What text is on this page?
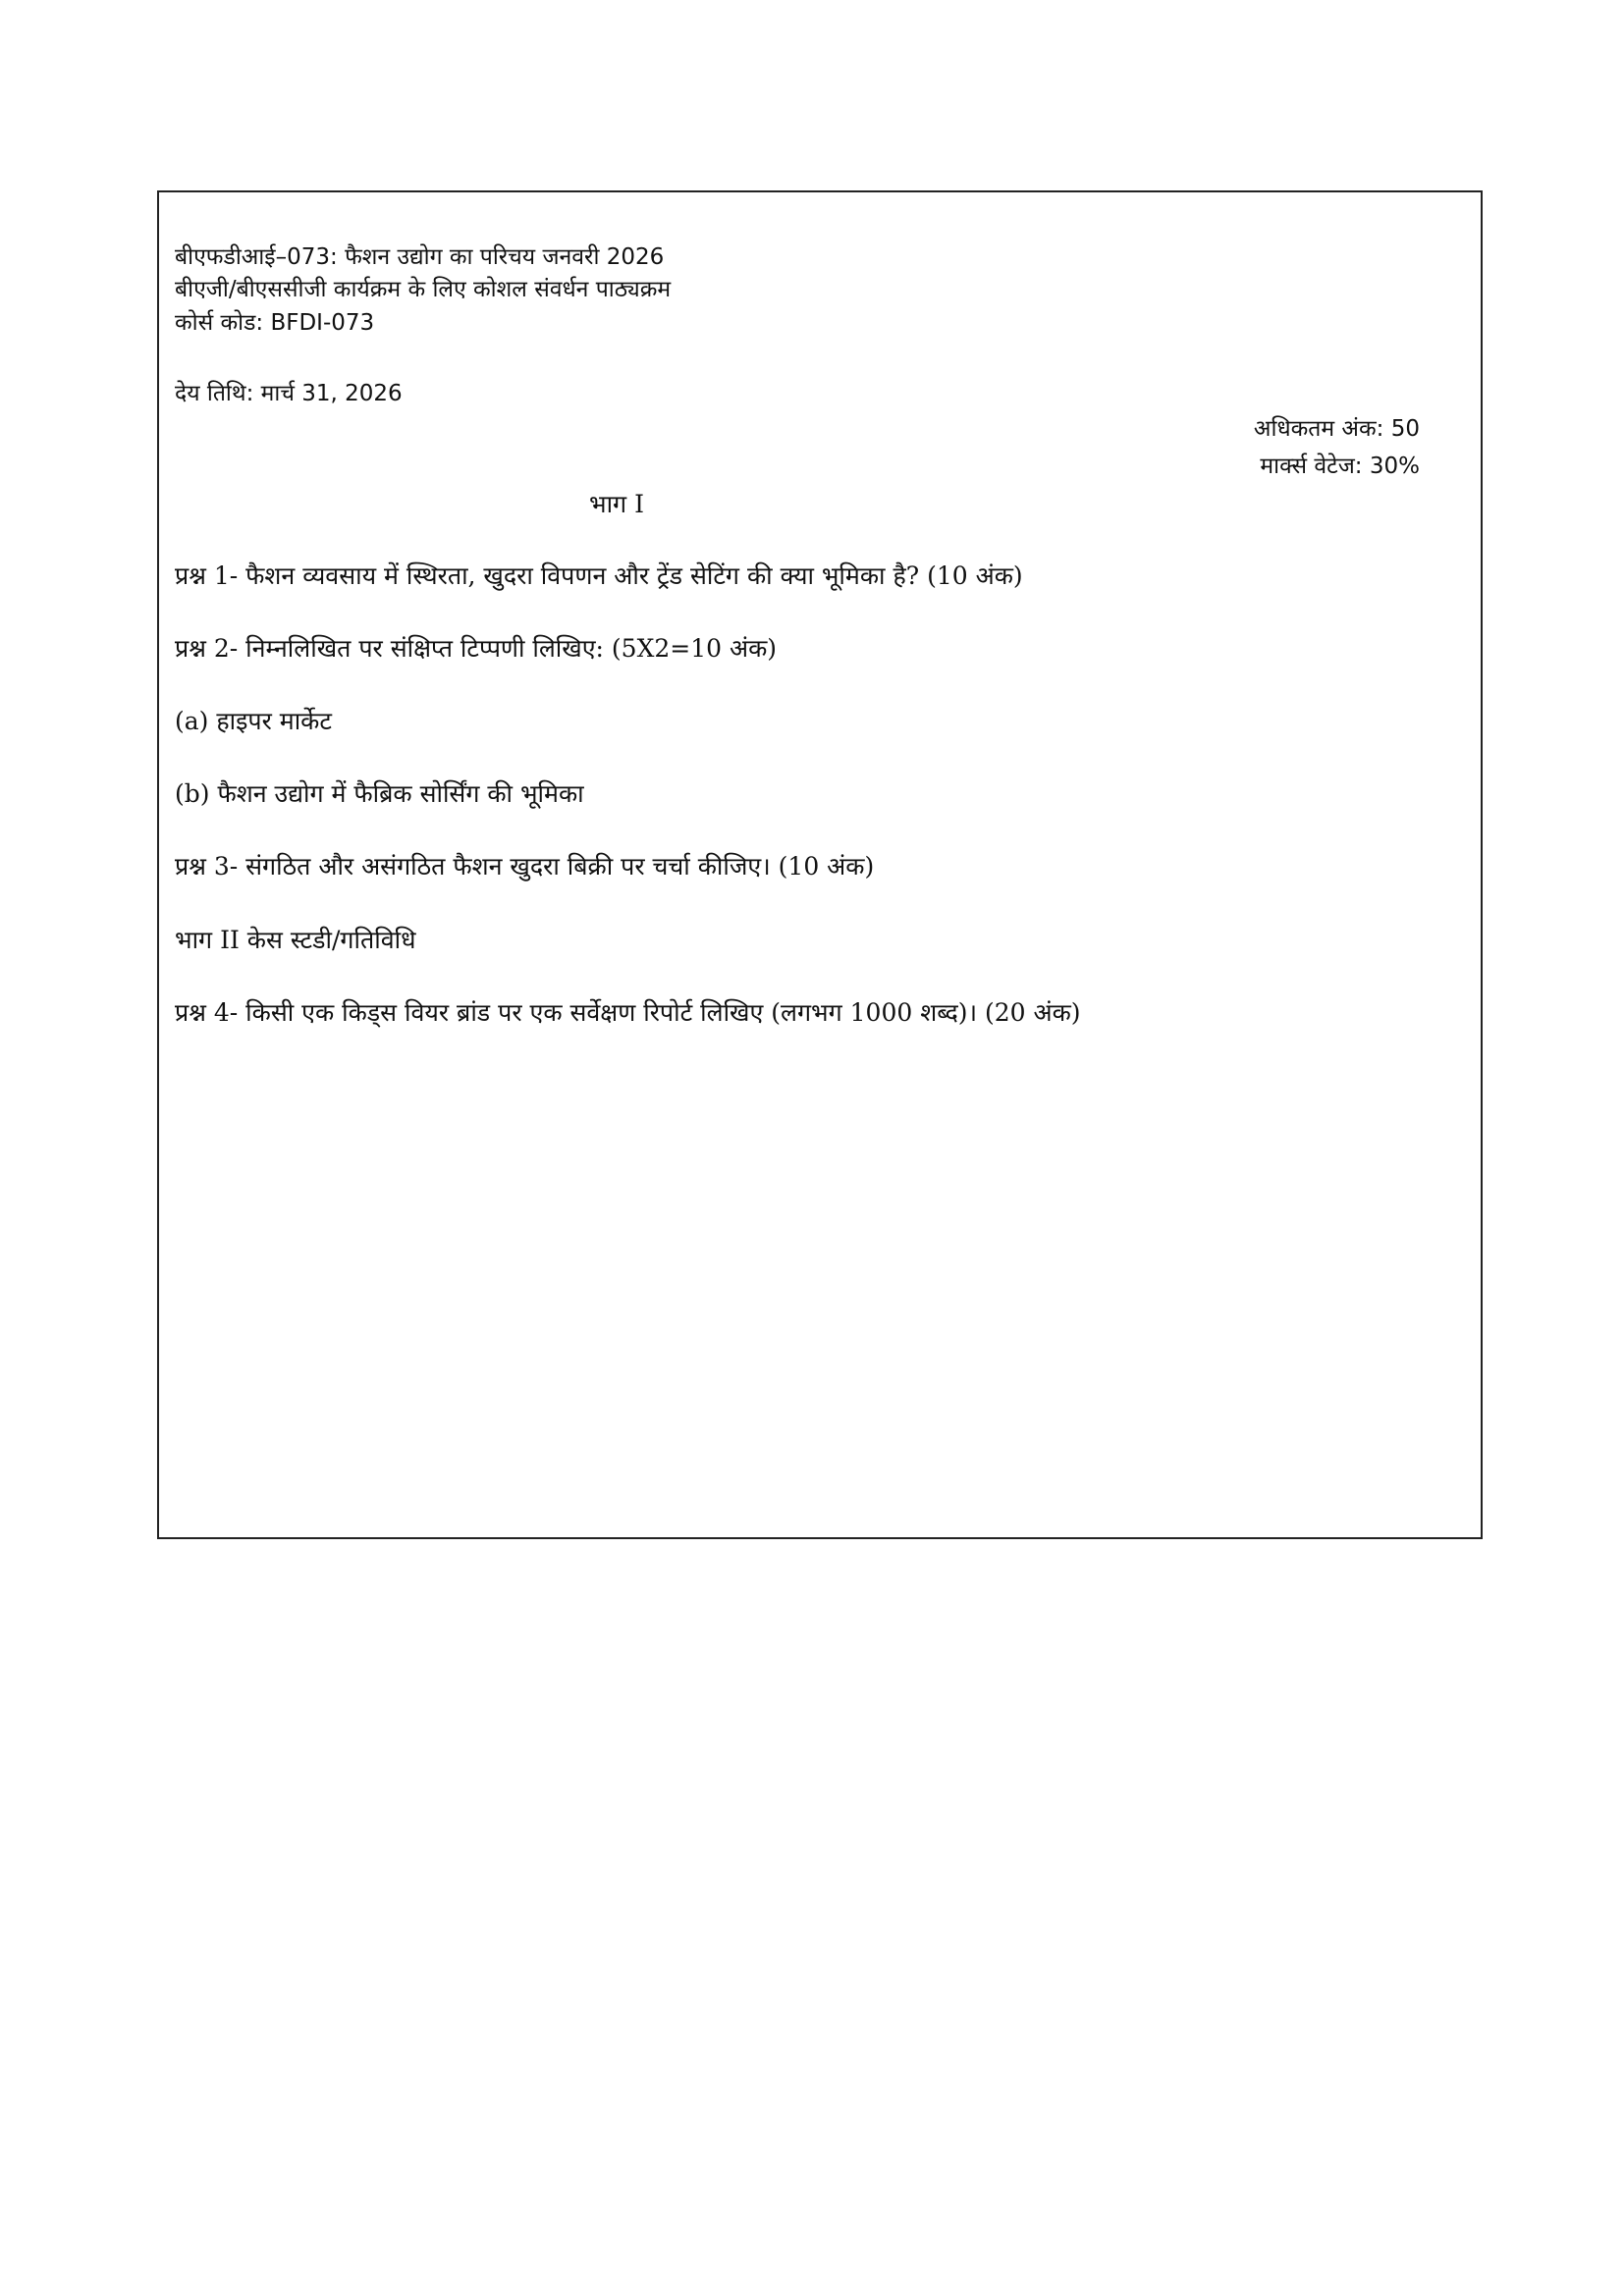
बीएफडीआई–073: फैशन उद्योग का परिचय जनवरी 2026
बीएजी/बीएससीजी कार्यक्रम के लिए कोशल संवर्धन पाठ्यक्रम
कोर्स कोड: BFDI-073
देय तिथि: मार्च 31, 2026
अधिकतम अंक: 50
मार्क्स वेटेज: 30%
भाग I
प्रश्न 1- फैशन व्यवसाय में स्थिरता, खुदरा विपणन और ट्रेंड सेटिंग की क्या भूमिका है? (10 अंक)
प्रश्न 2- निम्नलिखित पर संक्षिप्त टिप्पणी लिखिए: (5X2=10 अंक)
(a) हाइपर मार्केट
(b) फैशन उद्योग में फैब्रिक सोर्सिंग की भूमिका
प्रश्न 3- संगठित और असंगठित फैशन खुदरा बिक्री पर चर्चा कीजिए। (10 अंक)
भाग II केस स्टडी/गतिविधि
प्रश्न 4- किसी एक किड्स वियर ब्रांड पर एक सर्वेक्षण रिपोर्ट लिखिए (लगभग 1000 शब्द)। (20 अंक)
